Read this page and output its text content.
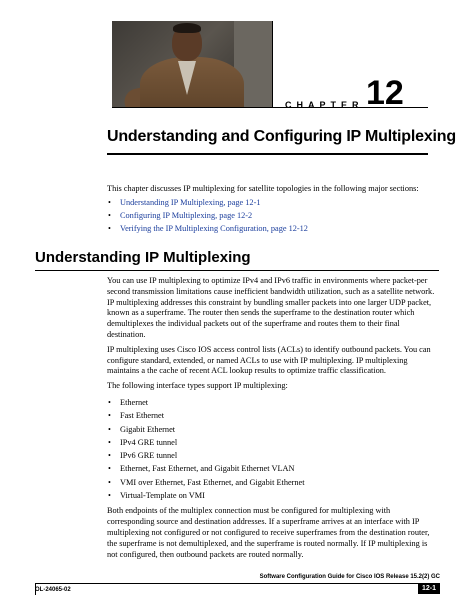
CHAPTER 12
Understanding and Configuring IP Multiplexing

This chapter discusses IP multiplexing for satellite topologies in the following major sections:

• Understanding IP Multiplexing, page 12-1
• Configuring IP Multiplexing, page 12-2
• Verifying the IP Multiplexing Configuration, page 12-12
Understanding IP Multiplexing

You can use IP multiplexing to optimize IPv4 and IPv6 traffic in environments where packet-per second transmission limitations cause inefficient bandwidth utilization, such as a satellite network. IP multiplexing addresses this constraint by bundling smaller packets into one larger UDP packet, known as a superframe. The router then sends the superframe to the destination router which demultiplexes the individual packets out of the superframe and routes them to their final destination.

IP multiplexing uses Cisco IOS access control lists (ACLs) to identify outbound packets. You can configure standard, extended, or named ACLs to use with IP multiplexing. IP multiplexing maintains a the cache of recent ACL lookup results to optimize traffic classification.

The following interface types support IP multiplexing:

• Ethernet
• Fast Ethernet
• Gigabit Ethernet
• IPv4 GRE tunnel
• IPv6 GRE tunnel
• Ethernet, Fast Ethernet, and Gigabit Ethernet VLAN
• VMI over Ethernet, Fast Ethernet, and Gigabit Ethernet
• Virtual-Template on VMI

Both endpoints of the multiplex connection must be configured for multiplexing with corresponding source and destination addresses. If a superframe arrives at an interface with IP multiplexing not configured or not configured to receive superframes from the destination router, the superframe is not demultiplexed, and the superframe is routed normally. If IP multiplexing is not configured, then outbound packets are routed normally.

Software Configuration Guide for Cisco IOS Release 15.2(2) GC
OL-24065-02	12-1
